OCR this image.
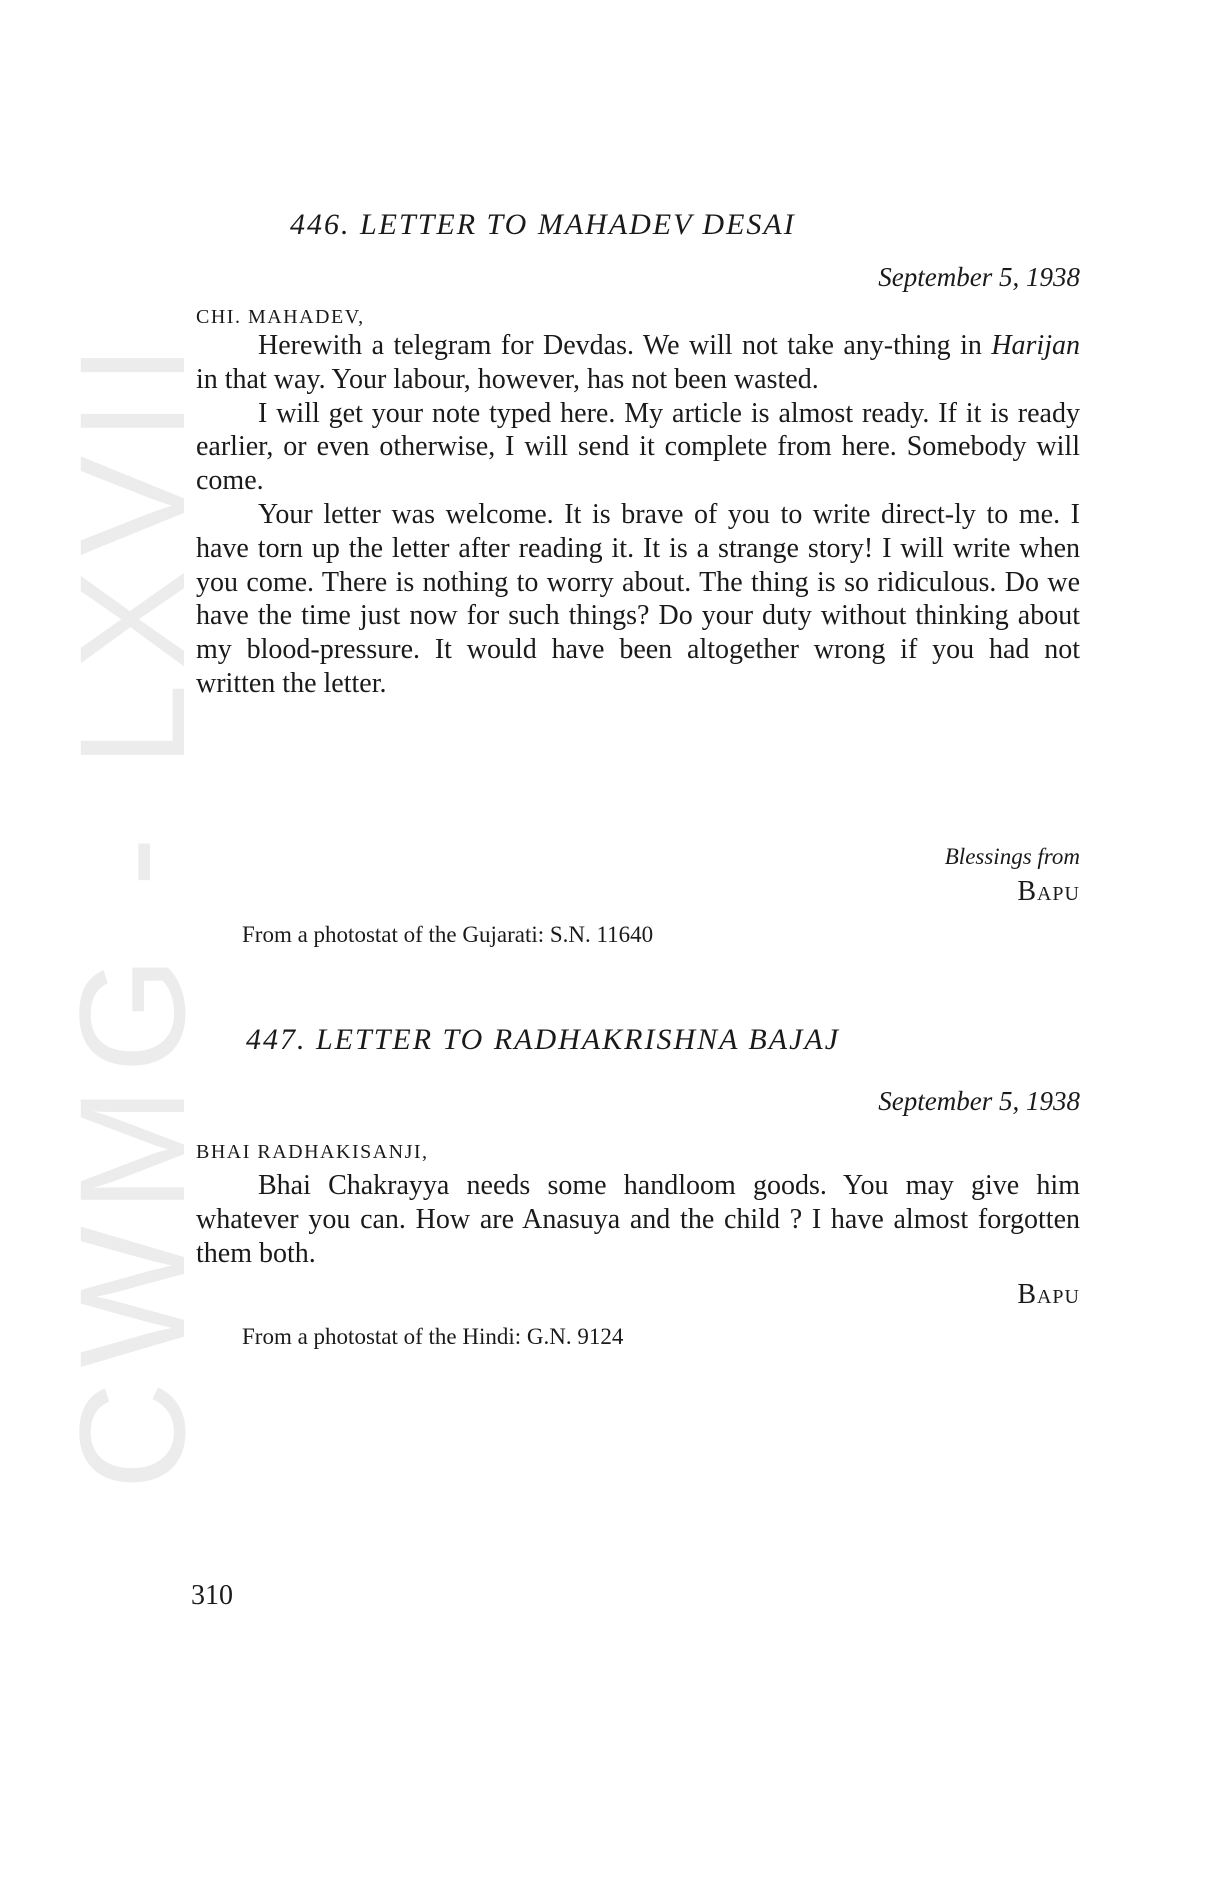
CWMG - LXVII
446. LETTER TO MAHADEV DESAI
September 5, 1938
CHI. MAHADEV,

Herewith a telegram for Devdas. We will not take any-thing in Harijan in that way. Your labour, however, has not been wasted.

I will get your note typed here. My article is almost ready. If it is ready earlier, or even otherwise, I will send it complete from here. Somebody will come.

Your letter was welcome. It is brave of you to write direct-ly to me. I have torn up the letter after reading it. It is a strange story! I will write when you come. There is nothing to worry about. The thing is so ridiculous. Do we have the time just now for such things? Do your duty without thinking about my blood-pressure. It would have been altogether wrong if you had not written the letter.

Blessings from
Bapu
From a photostat of the Gujarati: S.N. 11640
447. LETTER TO RADHAKRISHNA BAJAJ
September 5, 1938
BHAI RADHAKISANJI,

Bhai Chakrayya needs some handloom goods. You may give him whatever you can. How are Anasuya and the child ? I have almost forgotten them both.

Bapu
From a photostat of the Hindi: G.N. 9124
310
